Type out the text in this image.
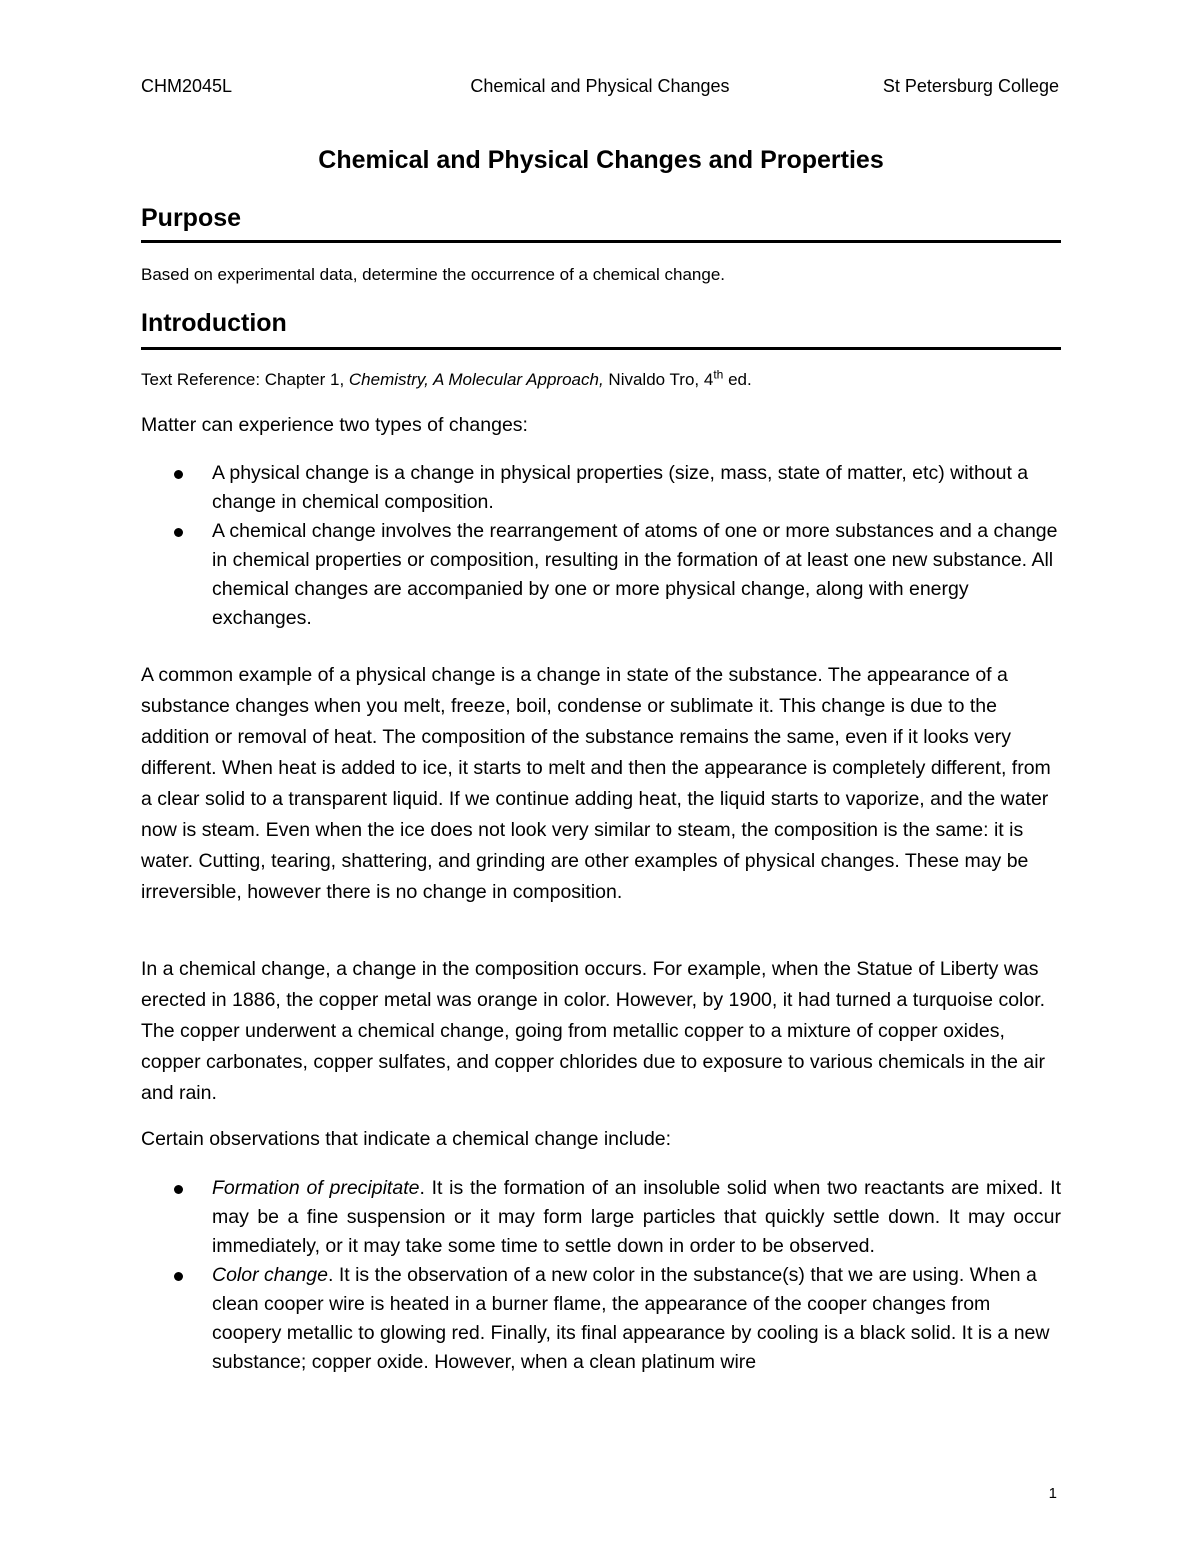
CHM2045L	Chemical and Physical Changes	St Petersburg College
Chemical and Physical Changes and Properties
Purpose
Based on experimental data, determine the occurrence of a chemical change.
Introduction
Text Reference: Chapter 1, Chemistry, A Molecular Approach, Nivaldo Tro, 4th ed.
Matter can experience two types of changes:
A physical change is a change in physical properties (size, mass, state of matter, etc) without a change in chemical composition.
A chemical change involves the rearrangement of atoms of one or more substances and a change in chemical properties or composition, resulting in the formation of at least one new substance. All chemical changes are accompanied by one or more physical change, along with energy exchanges.
A common example of a physical change is a change in state of the substance. The appearance of a substance changes when you melt, freeze, boil, condense or sublimate it. This change is due to the addition or removal of heat. The composition of the substance remains the same, even if it looks very different. When heat is added to ice, it starts to melt and then the appearance is completely different, from a clear solid to a transparent liquid. If we continue adding heat, the liquid starts to vaporize, and the water now is steam. Even when the ice does not look very similar to steam, the composition is the same: it is water. Cutting, tearing, shattering, and grinding are other examples of physical changes. These may be irreversible, however there is no change in composition.
In a chemical change, a change in the composition occurs. For example, when the Statue of Liberty was erected in 1886, the copper metal was orange in color. However, by 1900, it had turned a turquoise color. The copper underwent a chemical change, going from metallic copper to a mixture of copper oxides, copper carbonates, copper sulfates, and copper chlorides due to exposure to various chemicals in the air and rain.
Certain observations that indicate a chemical change include:
Formation of precipitate. It is the formation of an insoluble solid when two reactants are mixed. It may be a fine suspension or it may form large particles that quickly settle down. It may occur immediately, or it may take some time to settle down in order to be observed.
Color change. It is the observation of a new color in the substance(s) that we are using. When a clean cooper wire is heated in a burner flame, the appearance of the cooper changes from coopery metallic to glowing red. Finally, its final appearance by cooling is a black solid. It is a new substance; copper oxide. However, when a clean platinum wire
1
